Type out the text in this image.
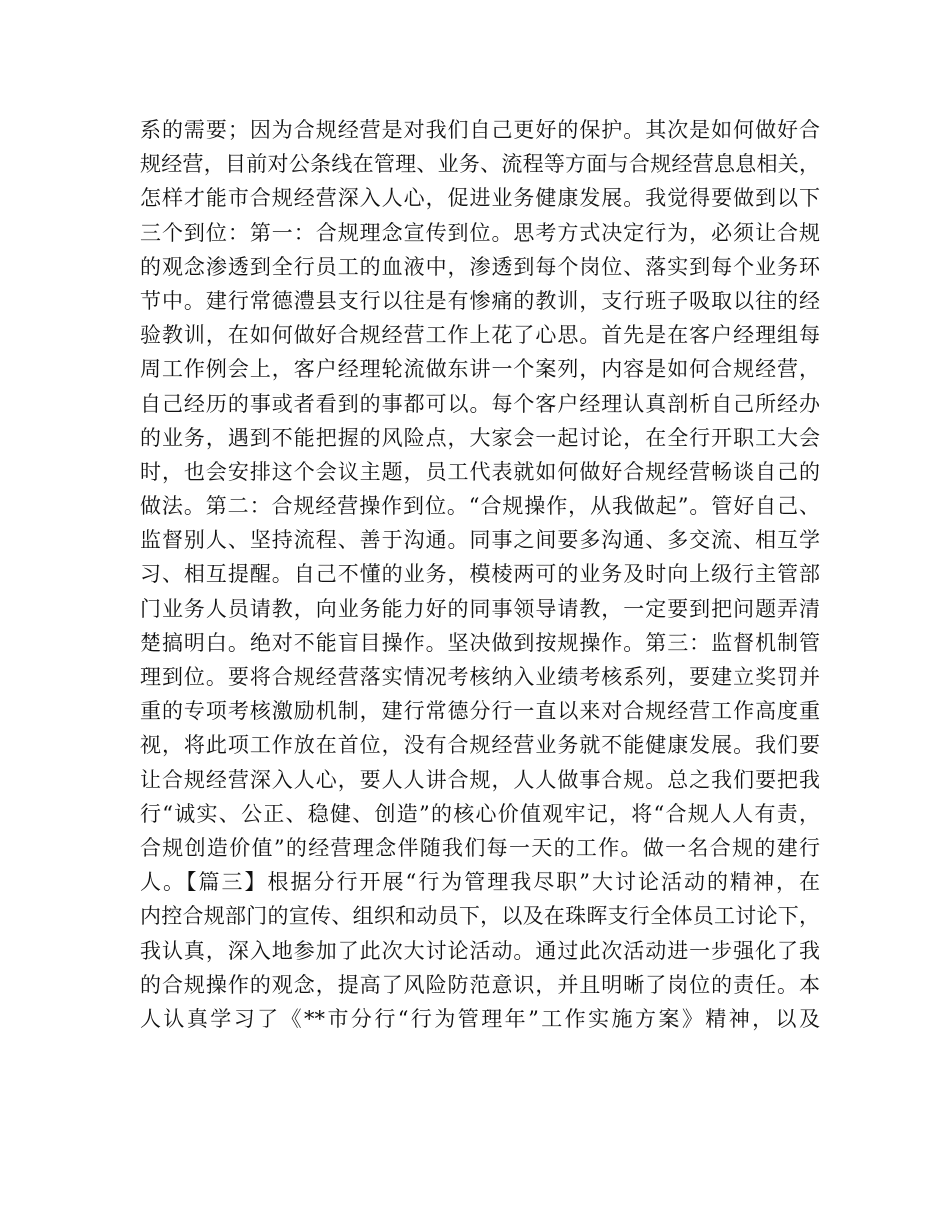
系的需要；因为合规经营是对我们自己更好的保护。其次是如何做好合
规经营，目前对公条线在管理、业务、流程等方面与合规经营息息相关，
怎样才能市合规经营深入人心，促进业务健康发展。我觉得要做到以下
三个到位：第一：合规理念宣传到位。思考方式决定行为，必须让合规
的观念渗透到全行员工的血液中，渗透到每个岗位、落实到每个业务环
节中。建行常德澧县支行以往是有惨痛的教训，支行班子吸取以往的经
验教训，在如何做好合规经营工作上花了心思。首先是在客户经理组每
周工作例会上，客户经理轮流做东讲一个案列，内容是如何合规经营，
自己经历的事或者看到的事都可以。每个客户经理认真剖析自己所经办
的业务，遇到不能把握的风险点，大家会一起讨论，在全行开职工大会
时，也会安排这个会议主题，员工代表就如何做好合规经营畅谈自己的
做法。第二：合规经营操作到位。“合规操作，从我做起”。管好自己、
监督别人、坚持流程、善于沟通。同事之间要多沟通、多交流、相互学
习、相互提醒。自己不懂的业务，模棱两可的业务及时向上级行主管部
门业务人员请教，向业务能力好的同事领导请教，一定要到把问题弄清
楚搞明白。绝对不能盲目操作。坚决做到按规操作。第三：监督机制管
理到位。要将合规经营落实情况考核纳入业绩考核系列，要建立奖罚并
重的专项考核激励机制，建行常德分行一直以来对合规经营工作高度重
视，将此项工作放在首位，没有合规经营业务就不能健康发展。我们要
让合规经营深入人心，要人人讲合规，人人做事合规。总之我们要把我
行“诚实、公正、稳健、创造”的核心价值观牢记，将“合规人人有责，
合规创造价值”的经营理念伴随我们每一天的工作。做一名合规的建行
人。【篇三】根据分行开展“行为管理我尽职”大讨论活动的精神，在
内控合规部门的宣传、组织和动员下，以及在珠晖支行全体员工讨论下，
我认真，深入地参加了此次大讨论活动。通过此次活动进一步强化了我
的合规操作的观念，提高了风险防范意识，并且明晰了岗位的责任。本
人认真学习了《**市分行“行为管理年”工作实施方案》精神，以及
